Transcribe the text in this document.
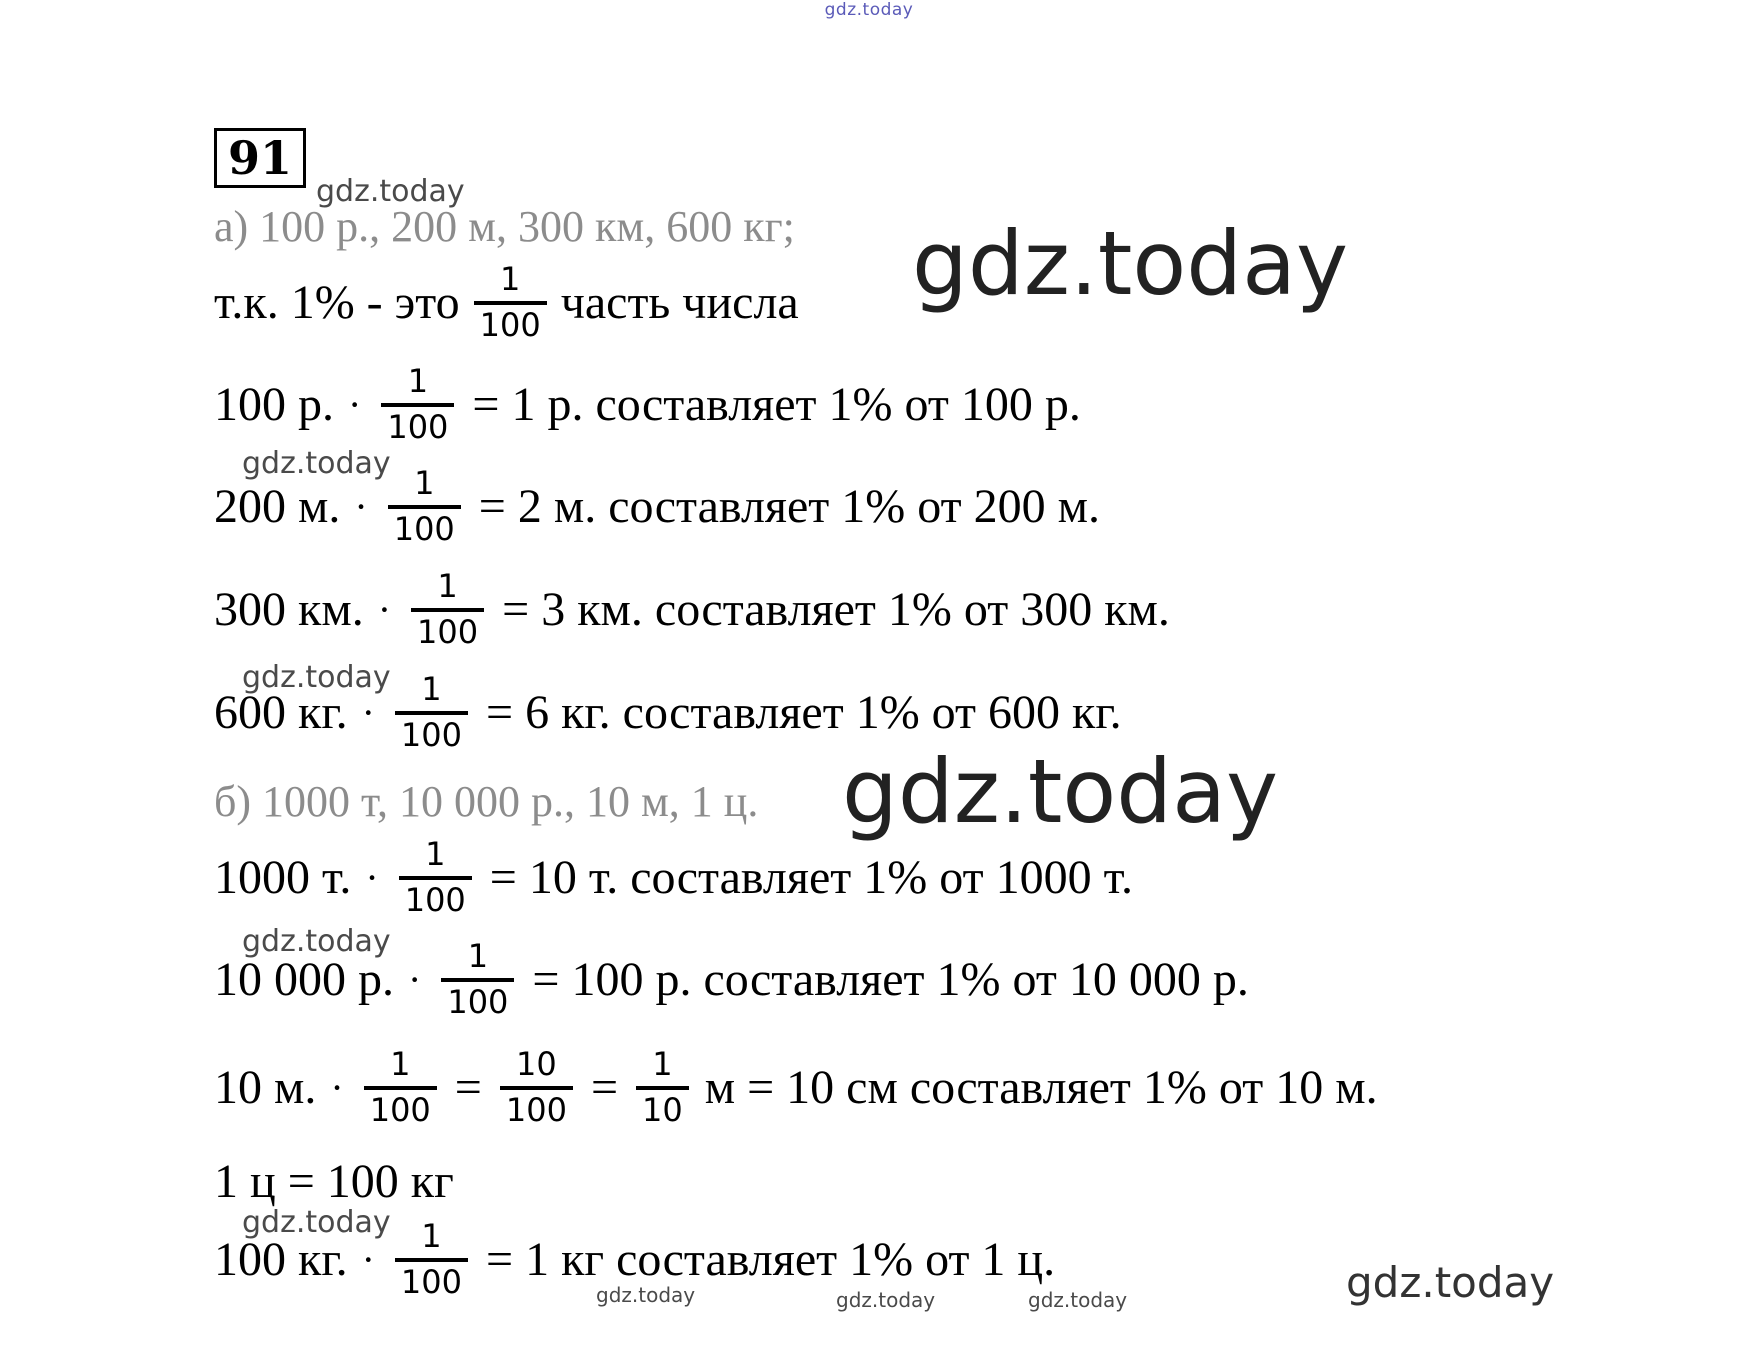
gdz.today
91
а) 100 р., 200 м, 300 км, 600 кг;
т.к. 1% - это $\frac{1}{100}$ часть числа
100 р. · $\frac{1}{100} = 1$ р. составляет 1% от 100 р.
200 м. · $\frac{1}{100} = 2$ м. составляет 1% от 200 м.
300 км. · $\frac{1}{100} = 3$ км. составляет 1% от 300 км.
600 кг. · $\frac{1}{100} = 6$ кг. составляет 1% от 600 кг.
б) 1000 т, 10 000 р., 10 м, 1 ц.
1000 т. · $\frac{1}{100} = 10$ т. составляет 1% от 1000 т.
10 000 р. · $\frac{1}{100} = 100$ р. составляет 1% от 10 000 р.
10 м. · $\frac{1}{100} = \frac{10}{100} = \frac{1}{10}$ м = 10 см составляет 1% от 10 м.
1 ц = 100 кг
100 кг. · $\frac{1}{100} = 1$ кг составляет 1% от 1 ц.
gdz.today
gdz.today
gdz.today
gdz.today
gdz.today
gdz.today
gdz.today
gdz.today	gdz.today	gdz.today	gdz.today
